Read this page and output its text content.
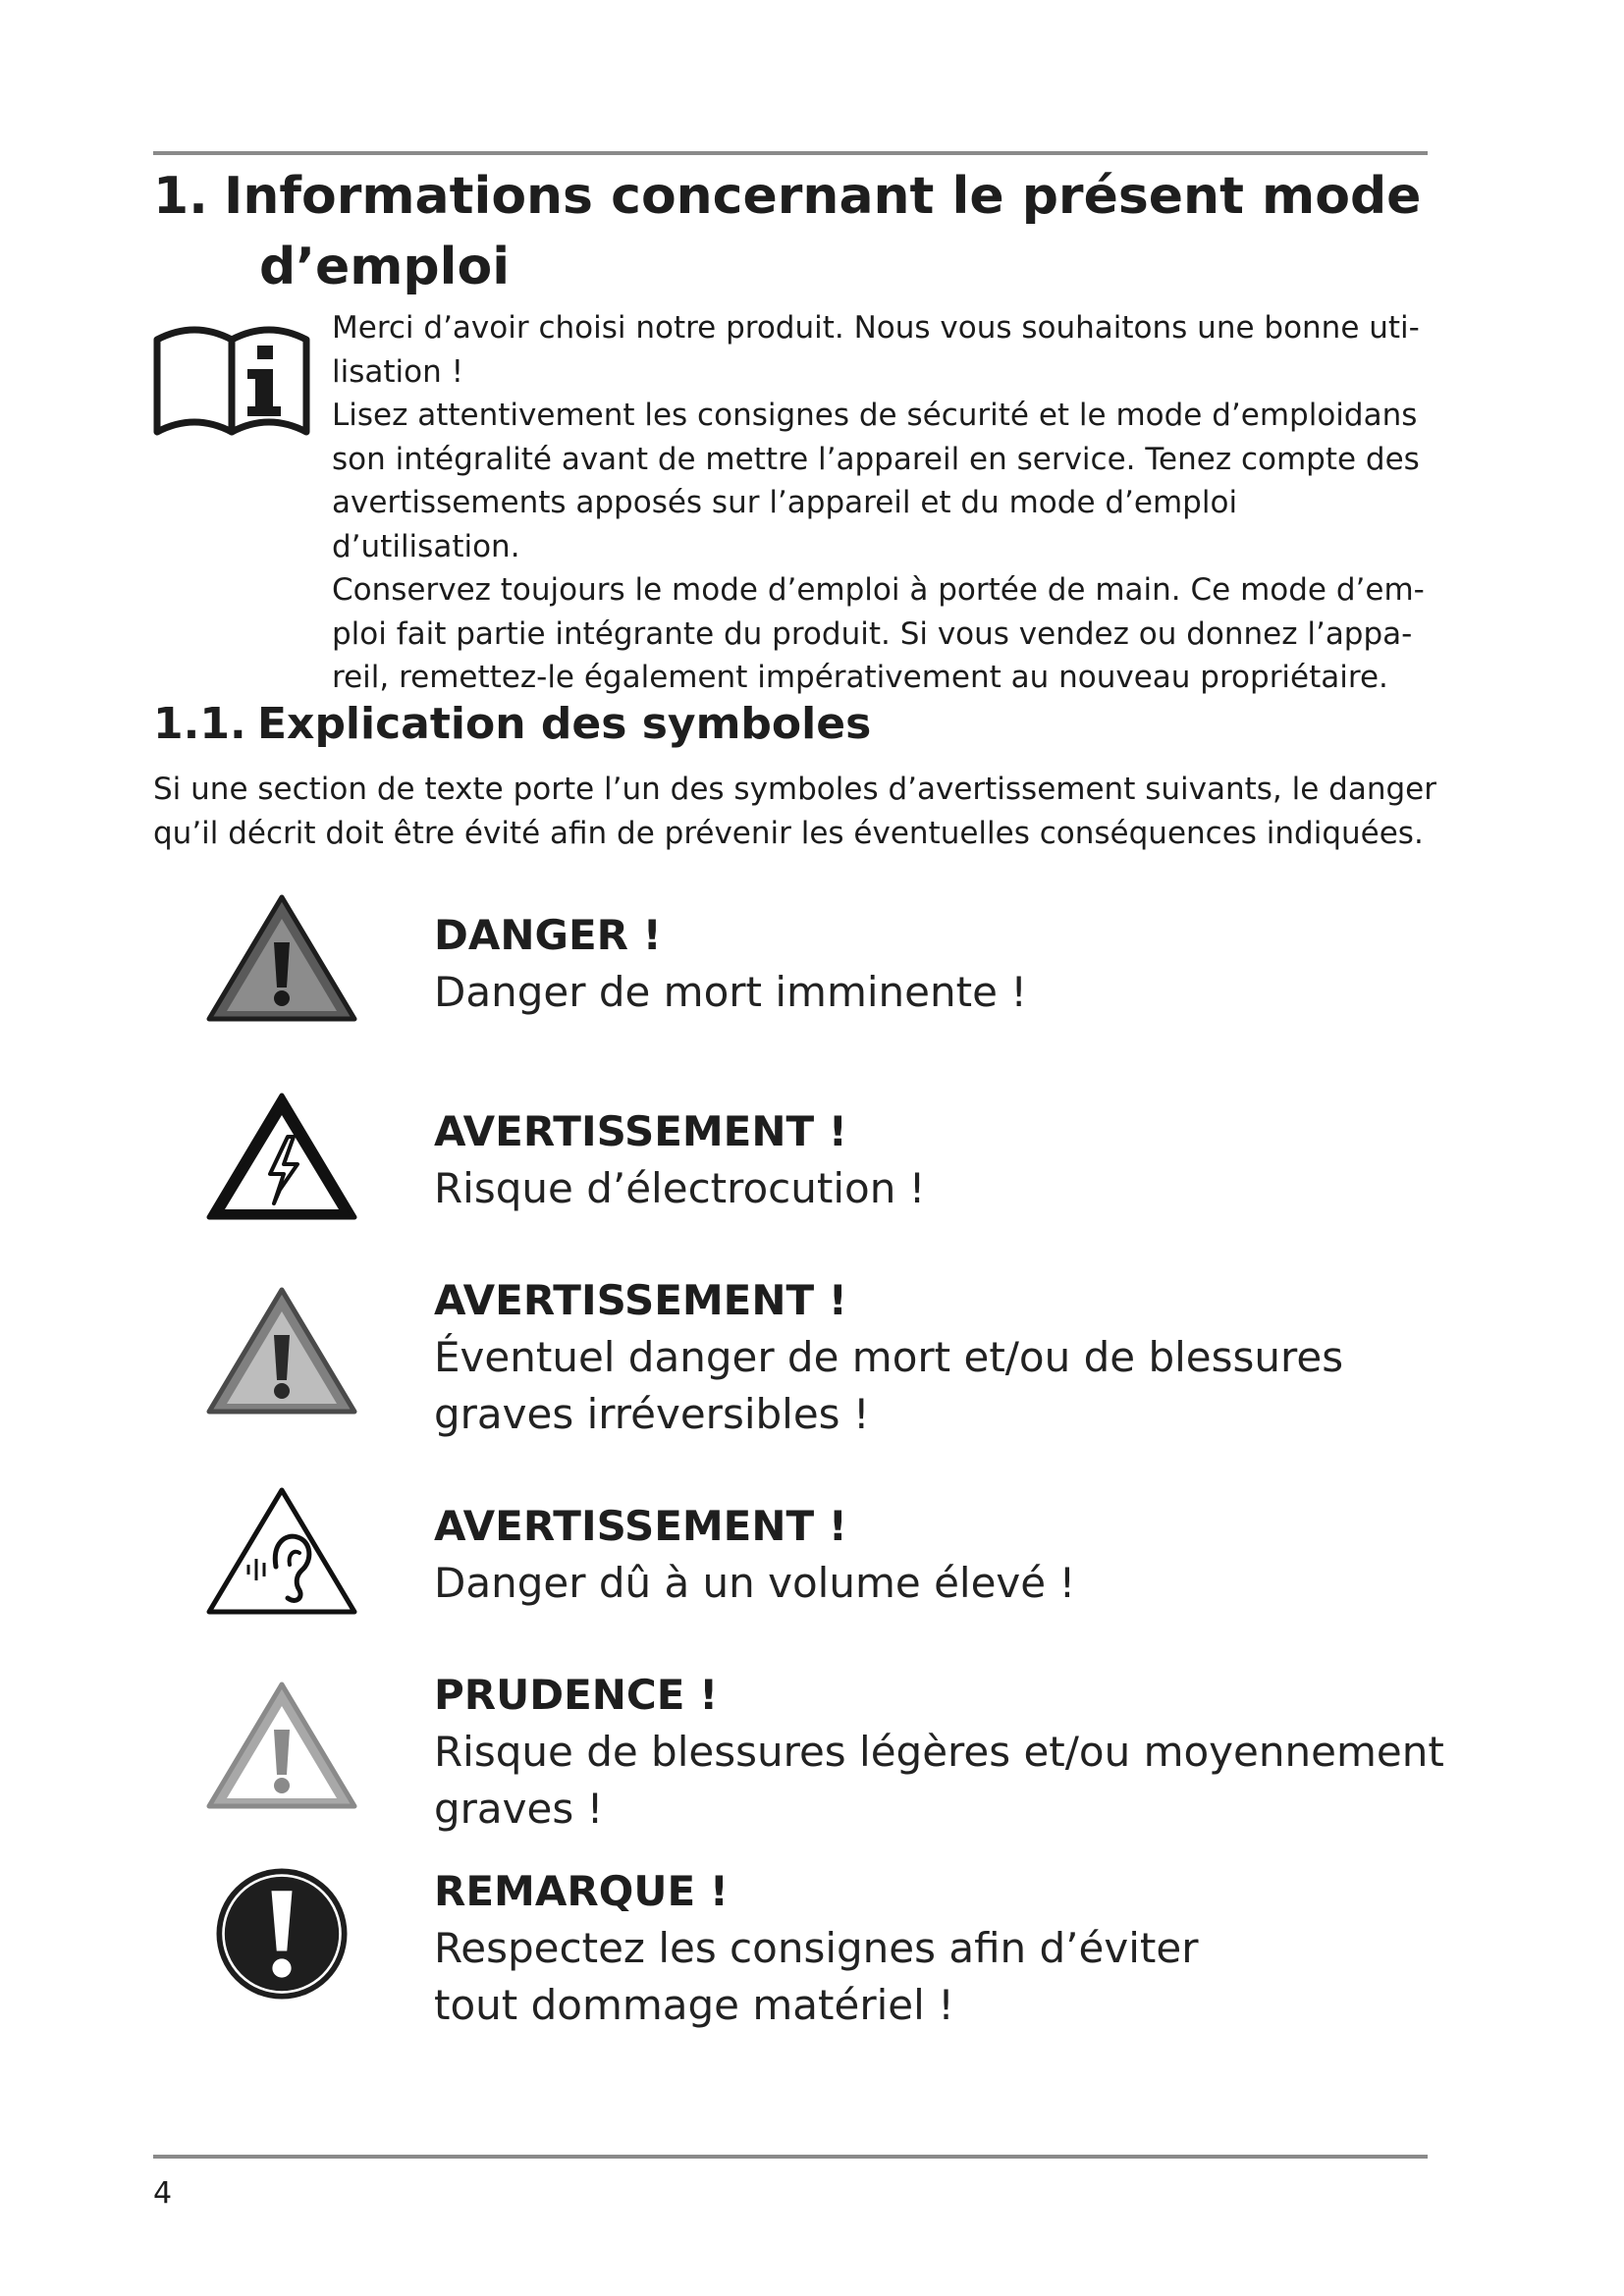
1. Informations concernant le présent mode
d’emploi

Merci d’avoir choisi notre produit. Nous vous souhaitons une bonne uti-lisation !

Lisez attentivement les consignes de sécurité et le mode d’emploidans son intégralité avant de mettre l’appareil en service. Tenez compte des avertissements apposés sur l’appareil et du mode d’emploi d’utilisation.

Conservez toujours le mode d’emploi à portée de main. Ce mode d’em-ploi fait partie intégrante du produit. Si vous vendez ou donnez l’appa-reil, remettez-le également impérativement au nouveau propriétaire.

1.1. Explication des symboles

Si une section de texte porte l’un des symboles d’avertissement suivants, le danger qu’il décrit doit être évité afin de prévenir les éventuelles conséquences indiquées.

DANGER !
Danger de mort imminente !
AVERTISSEMENT !
Risque d’électrocution !
AVERTISSEMENT !
Éventuel danger de mort et/ou de blessures
graves irréversibles !
AVERTISSEMENT !
Danger dû à un volume élevé !
PRUDENCE !
Risque de blessures légères et/ou moyennement
graves !
REMARQUE !
Respectez les consignes afin d’éviter
tout dommage matériel !
4
